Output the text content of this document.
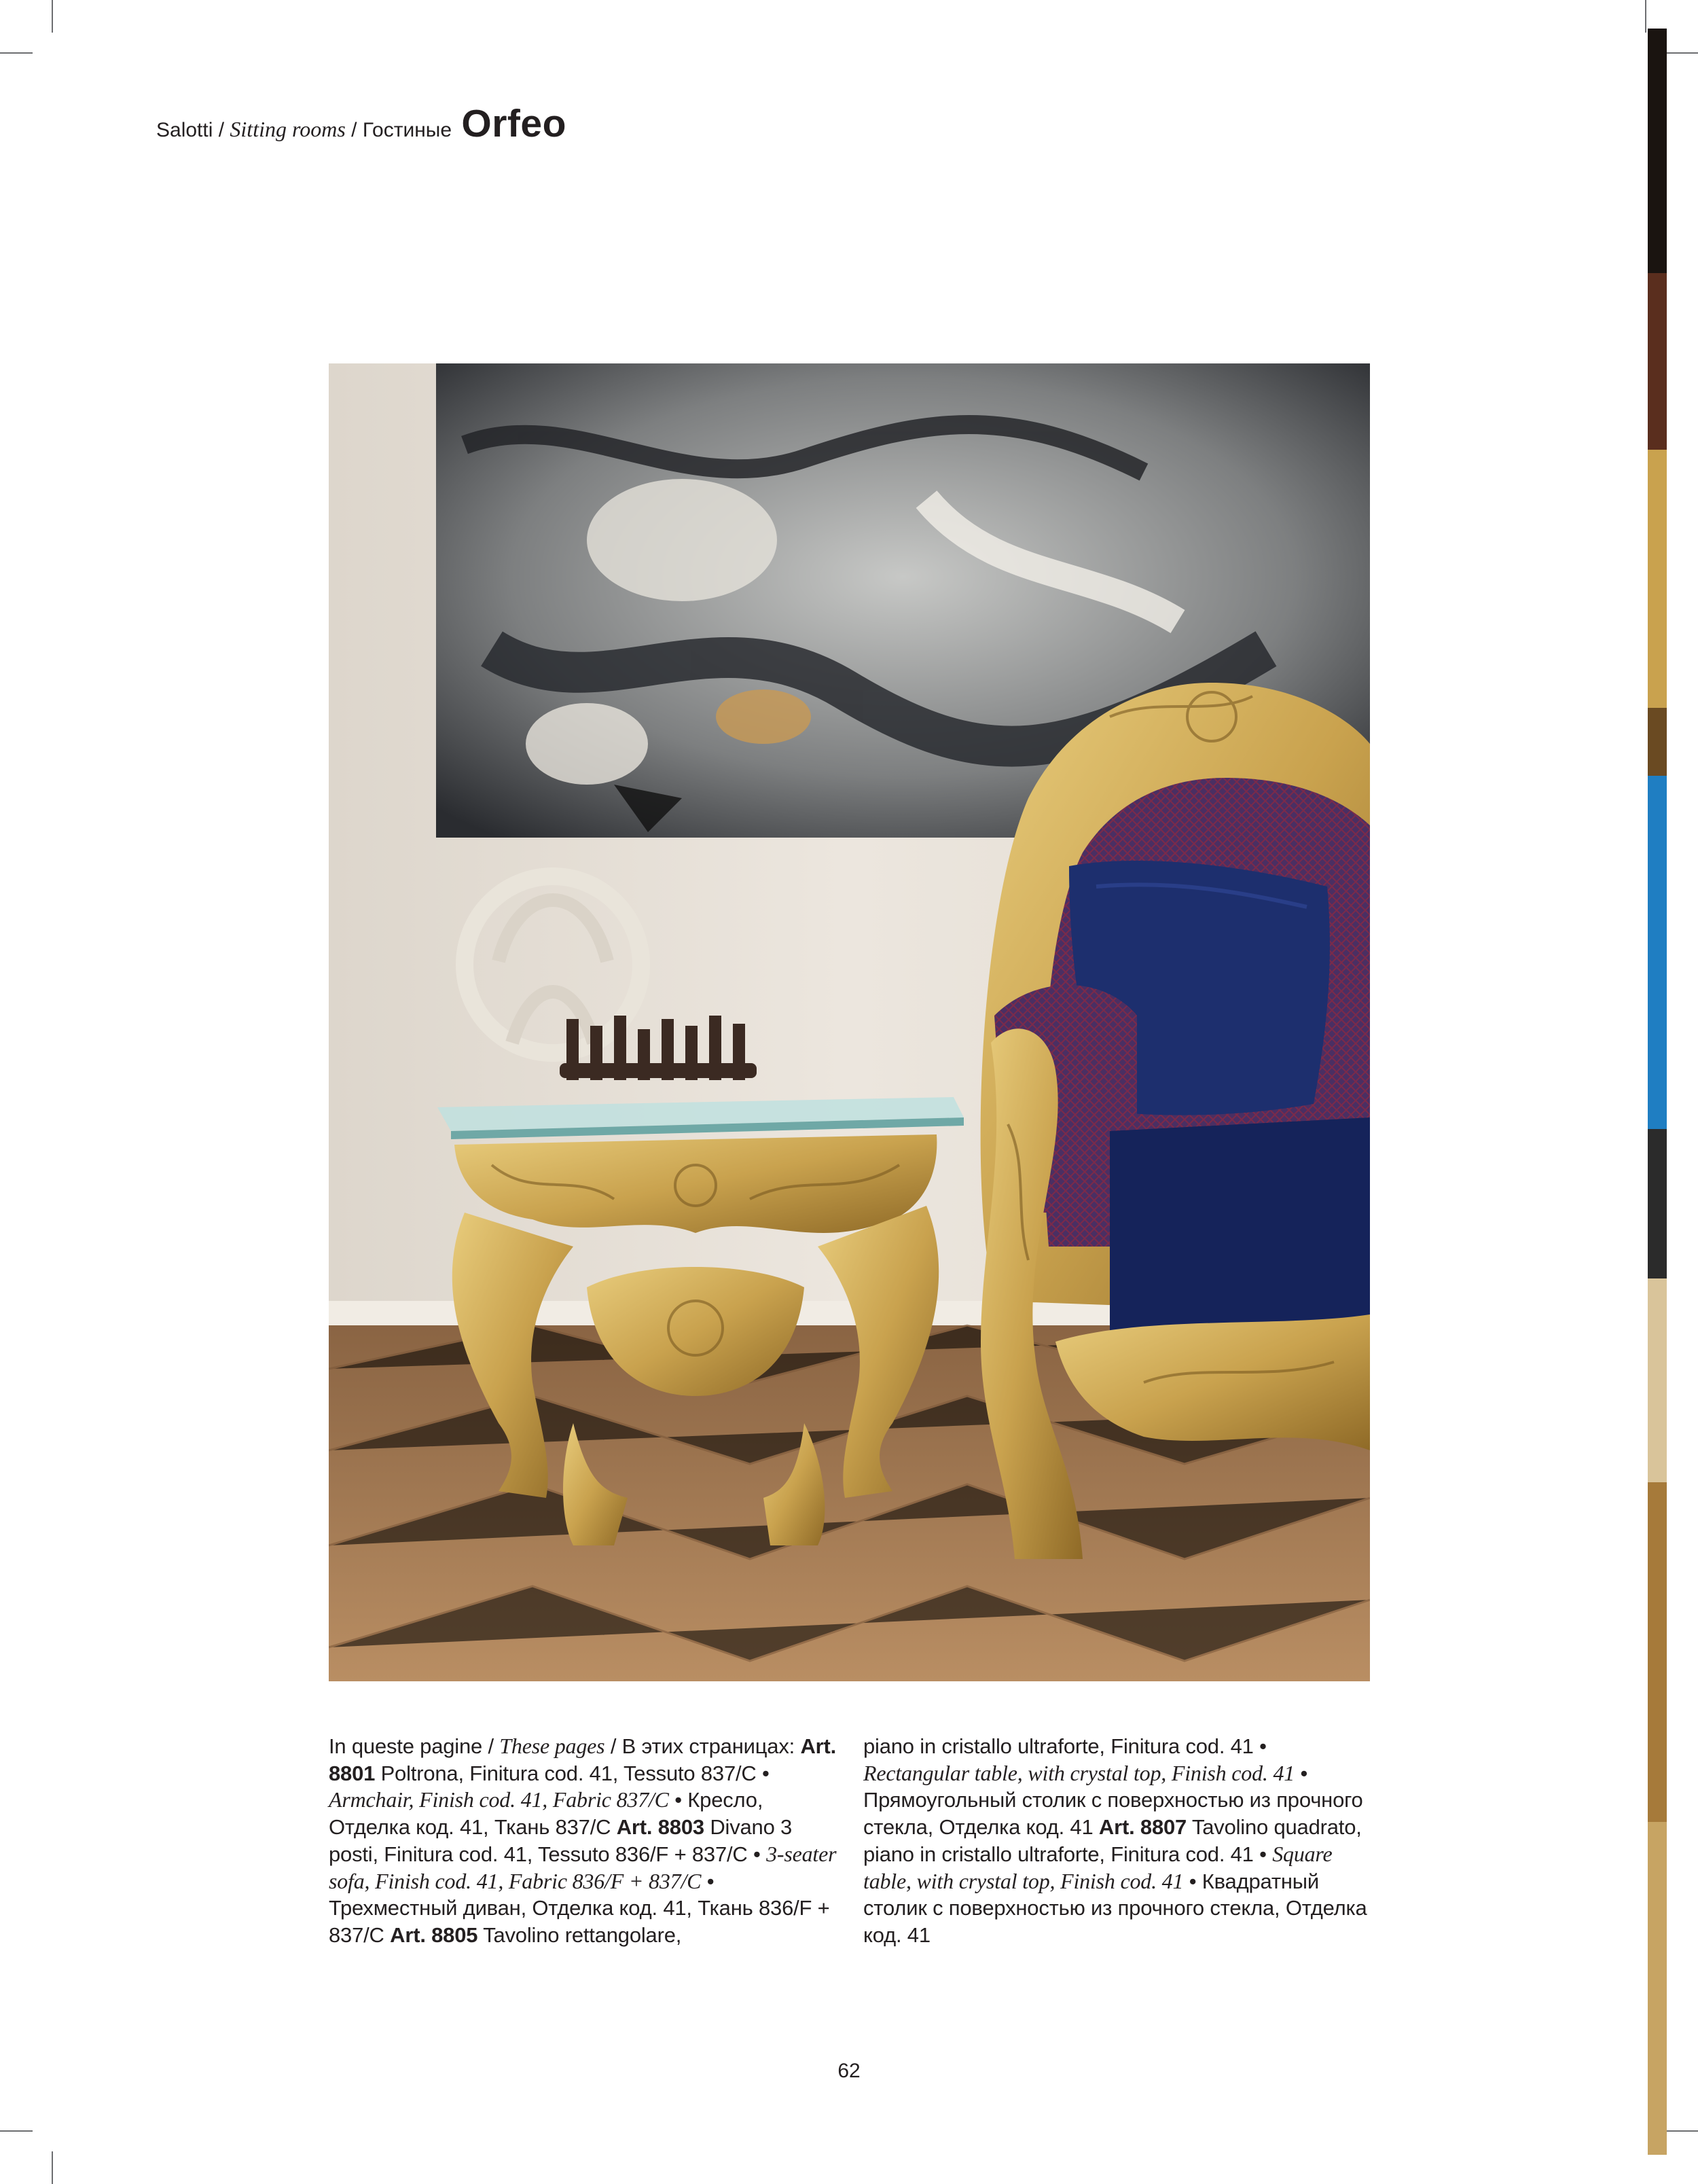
Salotti / Sitting rooms / Гостиные Orfeo
In queste pagine / These pages / В этих страницах: Art. 8801 Poltrona, Finitura cod. 41, Tessuto 837/C • Armchair, Finish cod. 41, Fabric 837/C • Кресло, Отделка код. 41, Ткань 837/C Art. 8803 Divano 3 posti, Finitura cod. 41, Tessuto 836/F + 837/C • 3-seater sofa, Finish cod. 41, Fabric 836/F + 837/C • Трехместный диван, Отделка код. 41, Ткань 836/F + 837/C Art. 8805 Tavolino rettangolare,
piano in cristallo ultraforte, Finitura cod. 41 • Rectangular table, with crystal top, Finish cod. 41 • Прямоугольный столик с поверхностью из прочного стекла, Отделка код. 41 Art. 8807 Tavolino quadrato, piano in cristallo ultraforte, Finitura cod. 41 • Square table, with crystal top, Finish cod. 41 • Квадратный столик с поверхностью из прочного стекла, Отделка код. 41
62
